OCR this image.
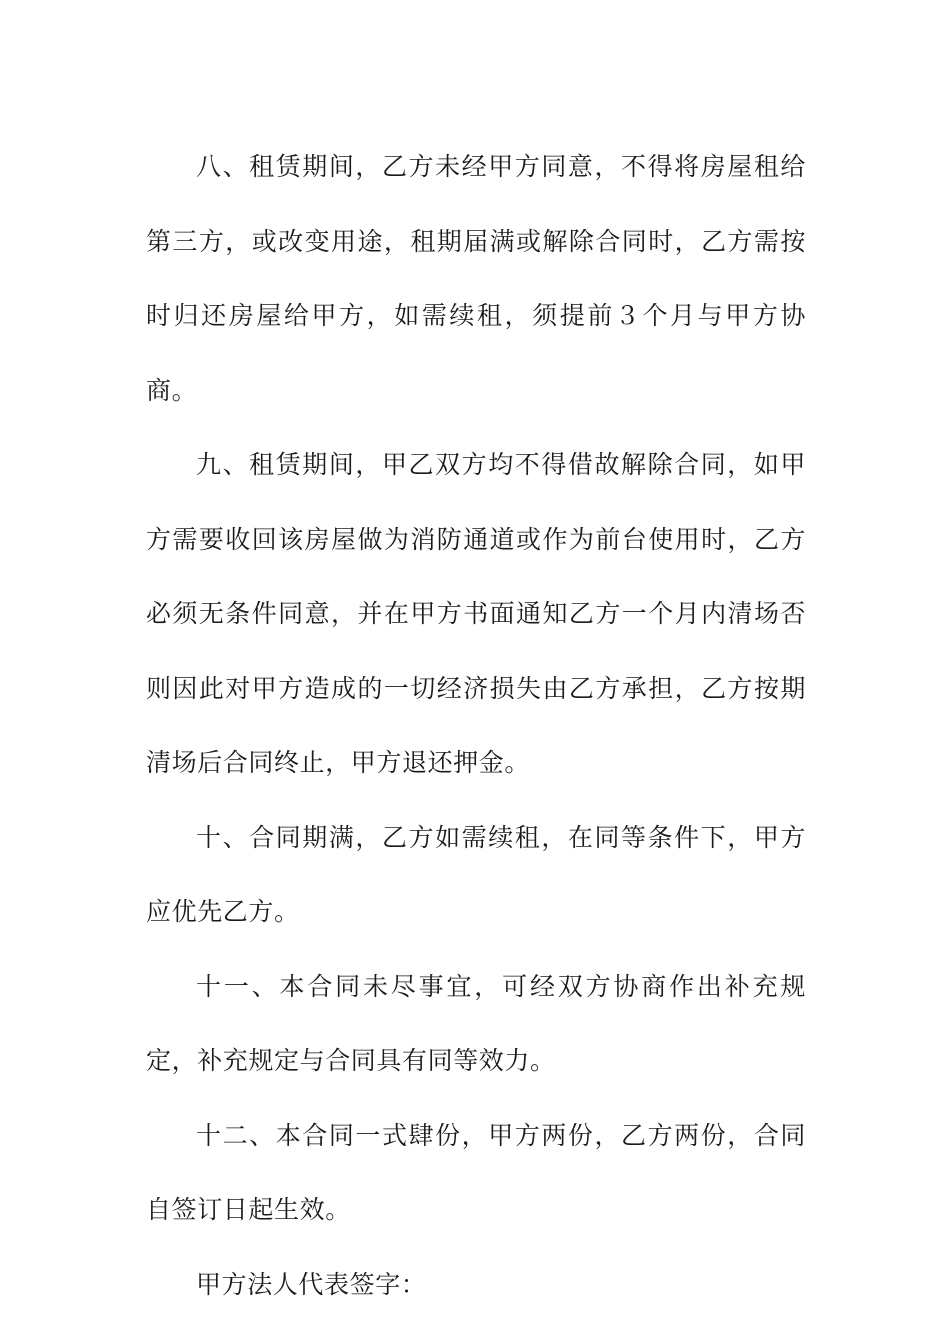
八、租赁期间，乙方未经甲方同意，不得将房屋租给第三方，或改变用途，租期届满或解除合同时，乙方需按时归还房屋给甲方，如需续租，须提前３个月与甲方协商。

九、租赁期间，甲乙双方均不得借故解除合同，如甲方需要收回该房屋做为消防通道或作为前台使用时，乙方必须无条件同意，并在甲方书面通知乙方一个月内清场否则因此对甲方造成的一切经济损失由乙方承担，乙方按期清场后合同终止，甲方退还押金。

十、合同期满，乙方如需续租，在同等条件下，甲方应优先乙方。

十一、本合同未尽事宜，可经双方协商作出补充规定，补充规定与合同具有同等效力。

十二、本合同一式肆份，甲方两份，乙方两份，合同自签订日起生效。

甲方法人代表签字：
